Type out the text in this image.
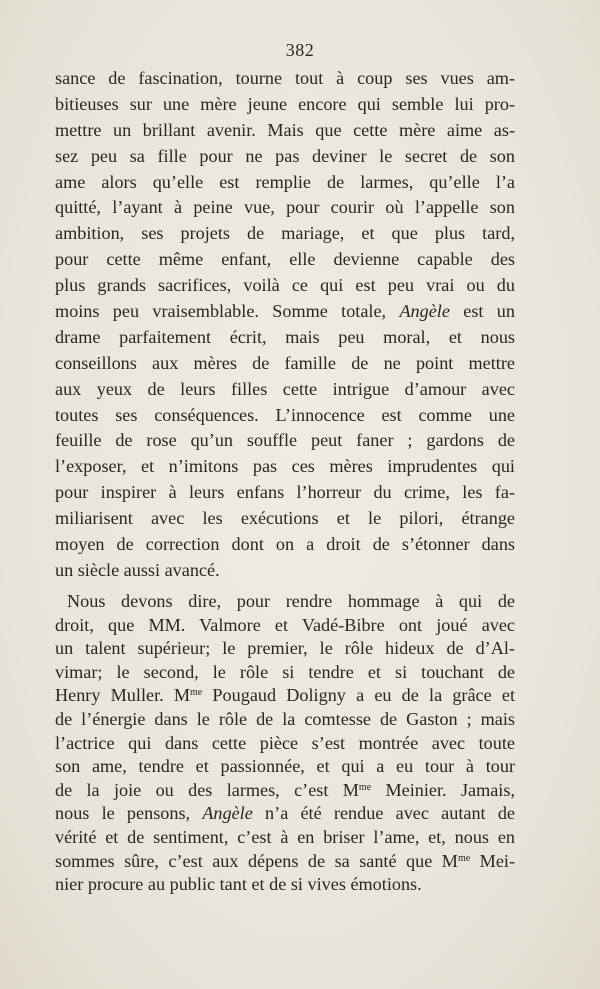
382
sance de fascination, tourne tout à coup ses vues am-
bitieuses sur une mère jeune encore qui semble lui pro-
mettre un brillant avenir. Mais que cette mère aime as-
sez peu sa fille pour ne pas deviner le secret de son
ame alors qu’elle est remplie de larmes, qu’elle l’a
quitté, l’ayant à peine vue, pour courir où l’appelle son
ambition, ses projets de mariage, et que plus tard,
pour cette même enfant, elle devienne capable des
plus grands sacrifices, voilà ce qui est peu vrai ou du
moins peu vraisemblable. Somme totale, Angèle est un
drame parfaitement écrit, mais peu moral, et nous
conseillons aux mères de famille de ne point mettre
aux yeux de leurs filles cette intrigue d’amour avec
toutes ses conséquences. L’innocence est comme une
feuille de rose qu’un souffle peut faner ; gardons de
l’exposer, et n’imitons pas ces mères imprudentes qui
pour inspirer à leurs enfans l’horreur du crime, les fa-
miliarisent avec les exécutions et le pilori, étrange
moyen de correction dont on a droit de s’étonner dans
un siècle aussi avancé.
Nous devons dire, pour rendre hommage à qui de
droit, que MM. Valmore et Vadé-Bibre ont joué avec
un talent supérieur; le premier, le rôle hideux de d’Al-
vimar; le second, le rôle si tendre et si touchant de
Henry Muller. $M^{me}$ Pougaud Doligny a eu de la grâce et
de l’énergie dans le rôle de la comtesse de Gaston ; mais
l’actrice qui dans cette pièce s’est montrée avec toute
son ame, tendre et passionnée, et qui a eu tour à tour
de la joie ou des larmes, c’est $M^{me}$ Meinier. Jamais,
nous le pensons, Angèle n’a été rendue avec autant de
vérité et de sentiment, c’est à en briser l’ame, et, nous en
sommes sûre, c’est aux dépens de sa santé que $M^{me}$ Mei-
nier procure au public tant et de si vives émotions.
